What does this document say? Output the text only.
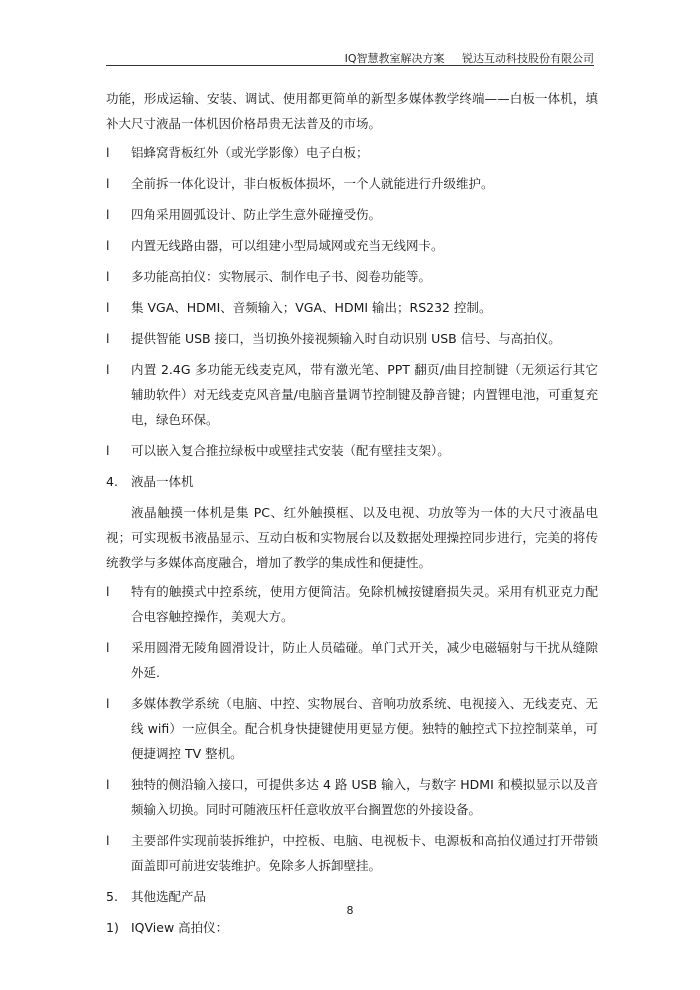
IQ智慧教室解决方案 锐达互动科技股份有限公司

功能，形成运输、安装、调试、使用都更简单的新型多媒体教学终端——白板一体机，填补大尺寸液晶一体机因价格昂贵无法普及的市场。

l 铝蜂窝背板红外（或光学影像）电子白板；
l 全前拆一体化设计，非白板板体损坏，一个人就能进行升级维护。
l 四角采用圆弧设计、防止学生意外碰撞受伤。
l 内置无线路由器，可以组建小型局域网或充当无线网卡。
l 多功能高拍仪：实物展示、制作电子书、阅卷功能等。
l 集 VGA、HDMI、音频输入；VGA、HDMI 输出；RS232 控制。
l 提供智能 USB 接口，当切换外接视频输入时自动识别 USB 信号、与高拍仪。
l 内置 2.4G 多功能无线麦克风，带有激光笔、PPT 翻页/曲目控制键（无须运行其它辅助软件）对无线麦克风音量/电脑音量调节控制键及静音键；内置锂电池，可重复充电，绿色环保。
l 可以嵌入复合推拉绿板中或壁挂式安装（配有壁挂支架）。
4. 液晶一体机

液晶触摸一体机是集 PC、红外触摸框、以及电视、功放等为一体的大尺寸液晶电视；可实现板书液晶显示、互动白板和实物展台以及数据处理操控同步进行，完美的将传统教学与多媒体高度融合，增加了教学的集成性和便捷性。

l 特有的触摸式中控系统，使用方便简洁。免除机械按键磨损失灵。采用有机亚克力配合电容触控操作，美观大方。
l 采用圆滑无陵角圆滑设计，防止人员磕碰。单门式开关，减少电磁辐射与干扰从缝隙外延.
l 多媒体教学系统（电脑、中控、实物展台、音响功放系统、电视接入、无线麦克、无线 wifi）一应俱全。配合机身快捷键使用更显方便。独特的触控式下拉控制菜单，可便捷调控 TV 整机。
l 独特的侧沿输入接口，可提供多达 4 路 USB 输入，与数字 HDMI 和模拟显示以及音频输入切换。同时可随液压杆任意收放平台搁置您的外接设备。
l 主要部件实现前装拆维护，中控板、电脑、电视板卡、电源板和高拍仪通过打开带锁面盖即可前进安装维护。免除多人拆卸壁挂。
5. 其他选配产品
1) IQView 高拍仪：
8
